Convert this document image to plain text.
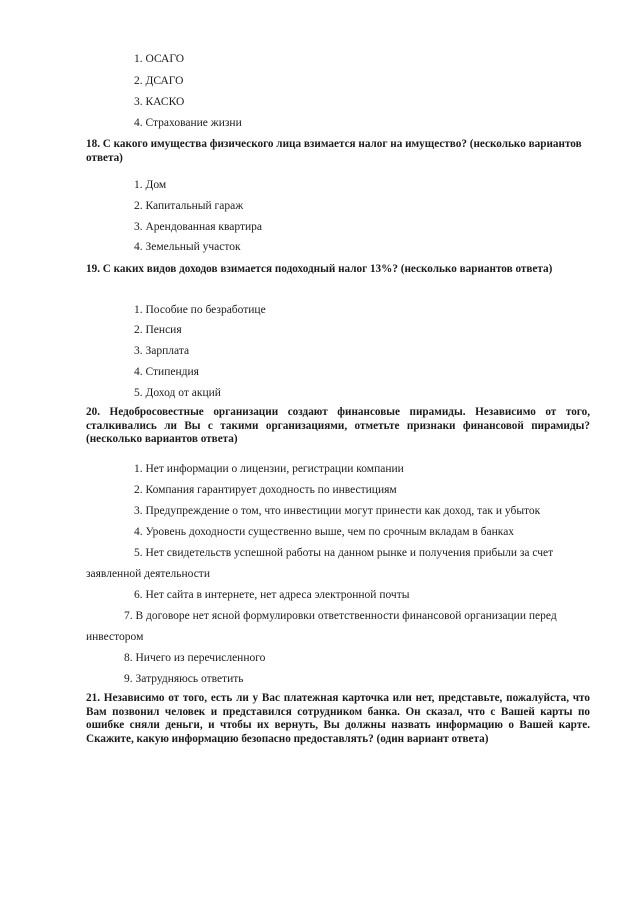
1. ОСАГО
2. ДСАГО
3. КАСКО
4. Страхование жизни
18. С какого имущества физического лица взимается налог на имущество? (несколько вариантов ответа)
1. Дом
2. Капитальный гараж
3. Арендованная квартира
4. Земельный участок
19. С каких видов доходов взимается подоходный налог 13%? (несколько вариантов ответа)
1. Пособие по безработице
2. Пенсия
3. Зарплата
4. Стипендия
5. Доход от акций
20. Недобросовестные организации создают финансовые пирамиды. Независимо от того, сталкивались ли Вы с такими организациями, отметьте признаки финансовой пирамиды? (несколько вариантов ответа)
1. Нет информации о лицензии, регистрации компании
2. Компания гарантирует доходность по инвестициям
3. Предупреждение о том, что инвестиции могут принести как доход, так и убыток
4. Уровень доходности существенно выше, чем по срочным вкладам в банках
5. Нет свидетельств успешной работы на данном рынке и получения прибыли за счет
заявленной деятельности
6. Нет сайта в интернете, нет адреса электронной почты
7. В договоре нет ясной формулировки ответственности финансовой организации перед
инвестором
8. Ничего из перечисленного
9. Затрудняюсь ответить
21. Независимо от того, есть ли у Вас платежная карточка или нет, представьте, пожалуйста, что Вам позвонил человек и представился сотрудником банка. Он сказал, что с Вашей карты по ошибке сняли деньги, и чтобы их вернуть, Вы должны назвать информацию о Вашей карте. Скажите, какую информацию безопасно предоставлять? (один вариант ответа)
